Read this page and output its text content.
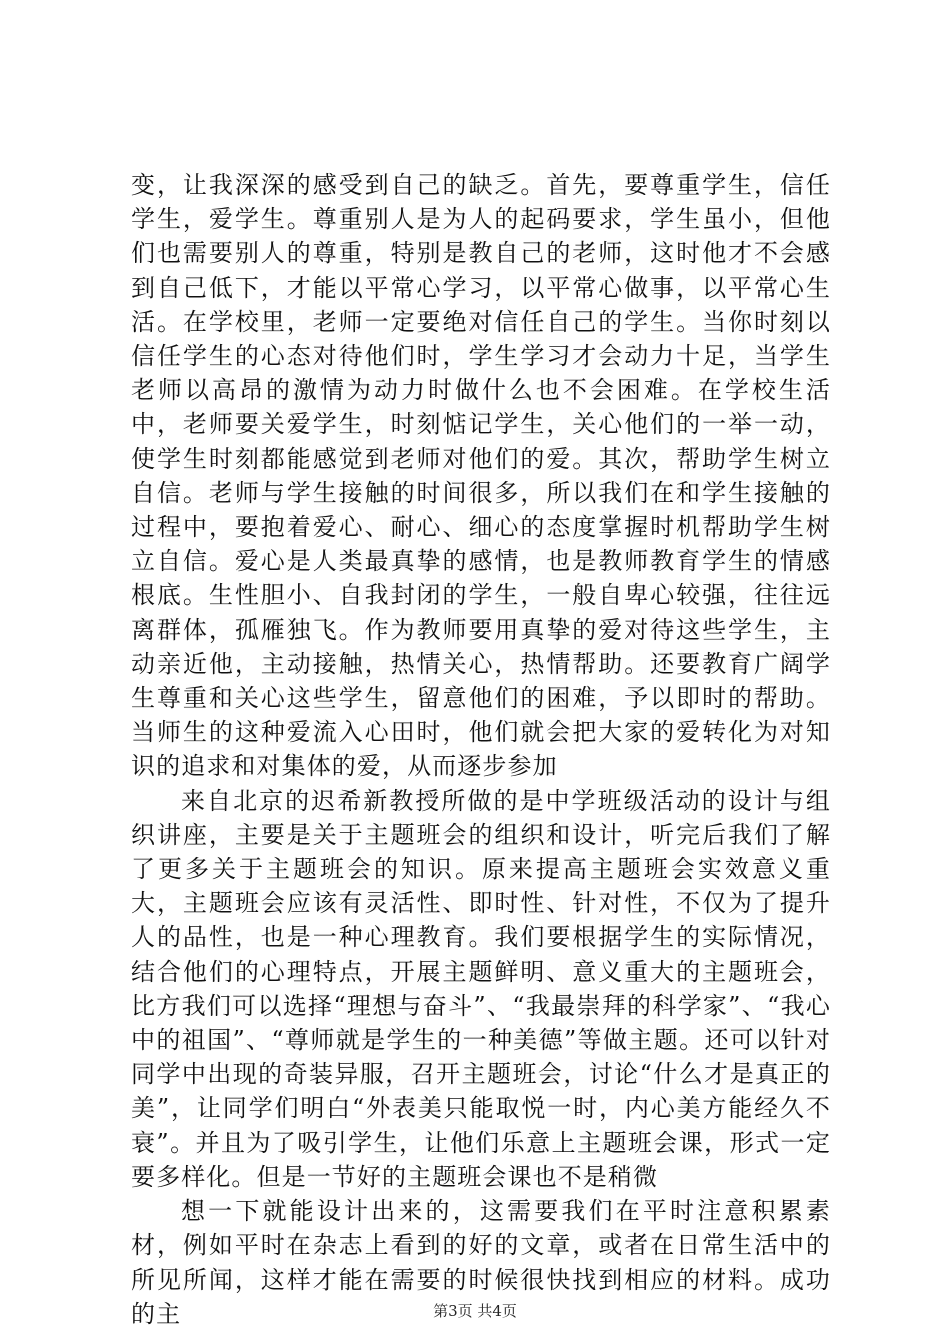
变，让我深深的感受到自己的缺乏。首先，要尊重学生，信任学生，爱学生。尊重别人是为人的起码要求，学生虽小，但他们也需要别人的尊重，特别是教自己的老师，这时他才不会感到自己低下，才能以平常心学习，以平常心做事，以平常心生活。在学校里，老师一定要绝对信任自己的学生。当你时刻以信任学生的心态对待他们时，学生学习才会动力十足，当学生老师以高昂的激情为动力时做什么也不会困难。在学校生活中，老师要关爱学生，时刻惦记学生，关心他们的一举一动，使学生时刻都能感觉到老师对他们的爱。其次，帮助学生树立自信。老师与学生接触的时间很多，所以我们在和学生接触的过程中，要抱着爱心、耐心、细心的态度掌握时机帮助学生树立自信。爱心是人类最真挚的感情，也是教师教育学生的情感根底。生性胆小、自我封闭的学生，一般自卑心较强，往往远离群体，孤雁独飞。作为教师要用真挚的爱对待这些学生，主动亲近他，主动接触，热情关心，热情帮助。还要教育广阔学生尊重和关心这些学生，留意他们的困难，予以即时的帮助。当师生的这种爱流入心田时，他们就会把大家的爱转化为对知识的追求和对集体的爱，从而逐步参加

来自北京的迟希新教授所做的是中学班级活动的设计与组织讲座，主要是关于主题班会的组织和设计，听完后我们了解了更多关于主题班会的知识。原来提高主题班会实效意义重大，主题班会应该有灵活性、即时性、针对性，不仅为了提升人的品性，也是一种心理教育。我们要根据学生的实际情况，结合他们的心理特点，开展主题鲜明、意义重大的主题班会，比方我们可以选择“理想与奋斗”、“我最崇拜的科学家”、“我心中的祖国”、“尊师就是学生的一种美德”等做主题。还可以针对同学中出现的奇装异服，召开主题班会，讨论“什么才是真正的美”，让同学们明白“外表美只能取悦一时，内心美方能经久不衰”。并且为了吸引学生，让他们乐意上主题班会课，形式一定要多样化。但是一节好的主题班会课也不是稍微

想一下就能设计出来的，这需要我们在平时注意积累素材，例如平时在杂志上看到的好的文章，或者在日常生活中的所见所闻，这样才能在需要的时候很快找到相应的材料。成功的主	第3页 共4页
